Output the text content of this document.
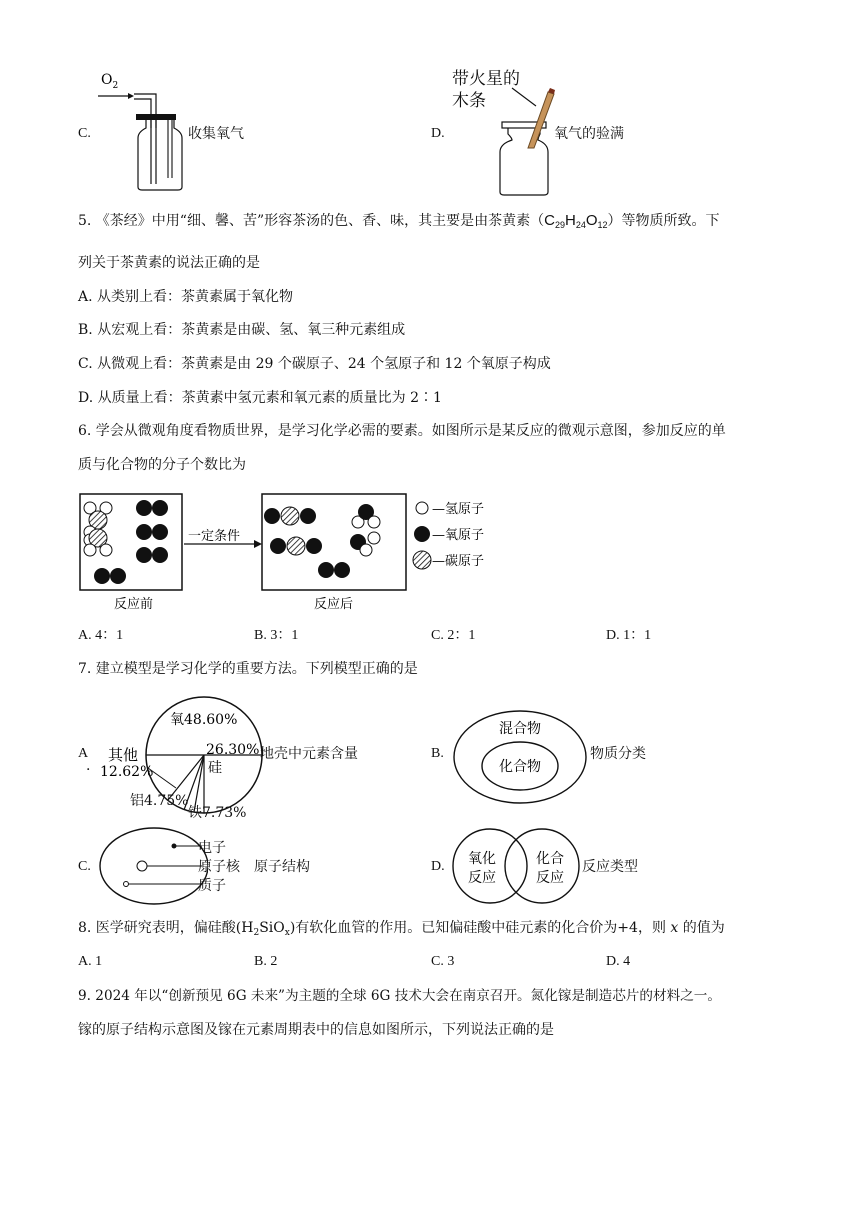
C.
$O_2$
收集氧气	D.
带火星的
木条
氧气的验满
5. 《茶经》中用“细、馨、苦”形容茶汤的色、香、味，其主要是由茶黄素$(C_{29}H_{24}O_{12})$等物质所致。下
列关于茶黄素的说法正确的是
A. 从类别上看：茶黄素属于氧化物
B. 从宏观上看：茶黄素是由碳、氢、氧三种元素组成
C. 从微观上看：茶黄素是由 29 个碳原子、24 个氢原子和 12 个氧原子构成
D. 从质量上看：茶黄素中氢元素和氧元素的质量比为 2∶1
6. 学会从微观角度看物质世界，是学习化学必需的要素。如图所示是某反应的微观示意图，参加反应的单
质与化合物的分子个数比为
一定条件
—氢原子
—氧原子
—碳原子
反应前	反应后
A. 4：1	B. 3：1	C. 2：1	D. 1：1
7. 建立模型是学习化学的重要方法。下列模型正确的是
A
·
氧48.60%
26.30%
硅
其他
12.62%
铝4.75%
铁7.73%
地壳中元素含量	B.
混合物
化合物
物质分类
C.
电子
原子核
质子
原子结构	D. 氧化
反应
化合
反应
反应类型
8. 医学研究表明，偏硅酸$(H_2SiO_x)$有软化血管的作用。已知偏硅酸中硅元素的化合价为+4，则 x 的值为
A. 1	B. 2	C. 3	D. 4
9. 2024 年以“创新预见 6G 未来”为主题的全球 6G 技术大会在南京召开。氮化镓是制造芯片的材料之一。
镓的原子结构示意图及镓在元素周期表中的信息如图所示，下列说法正确的是
